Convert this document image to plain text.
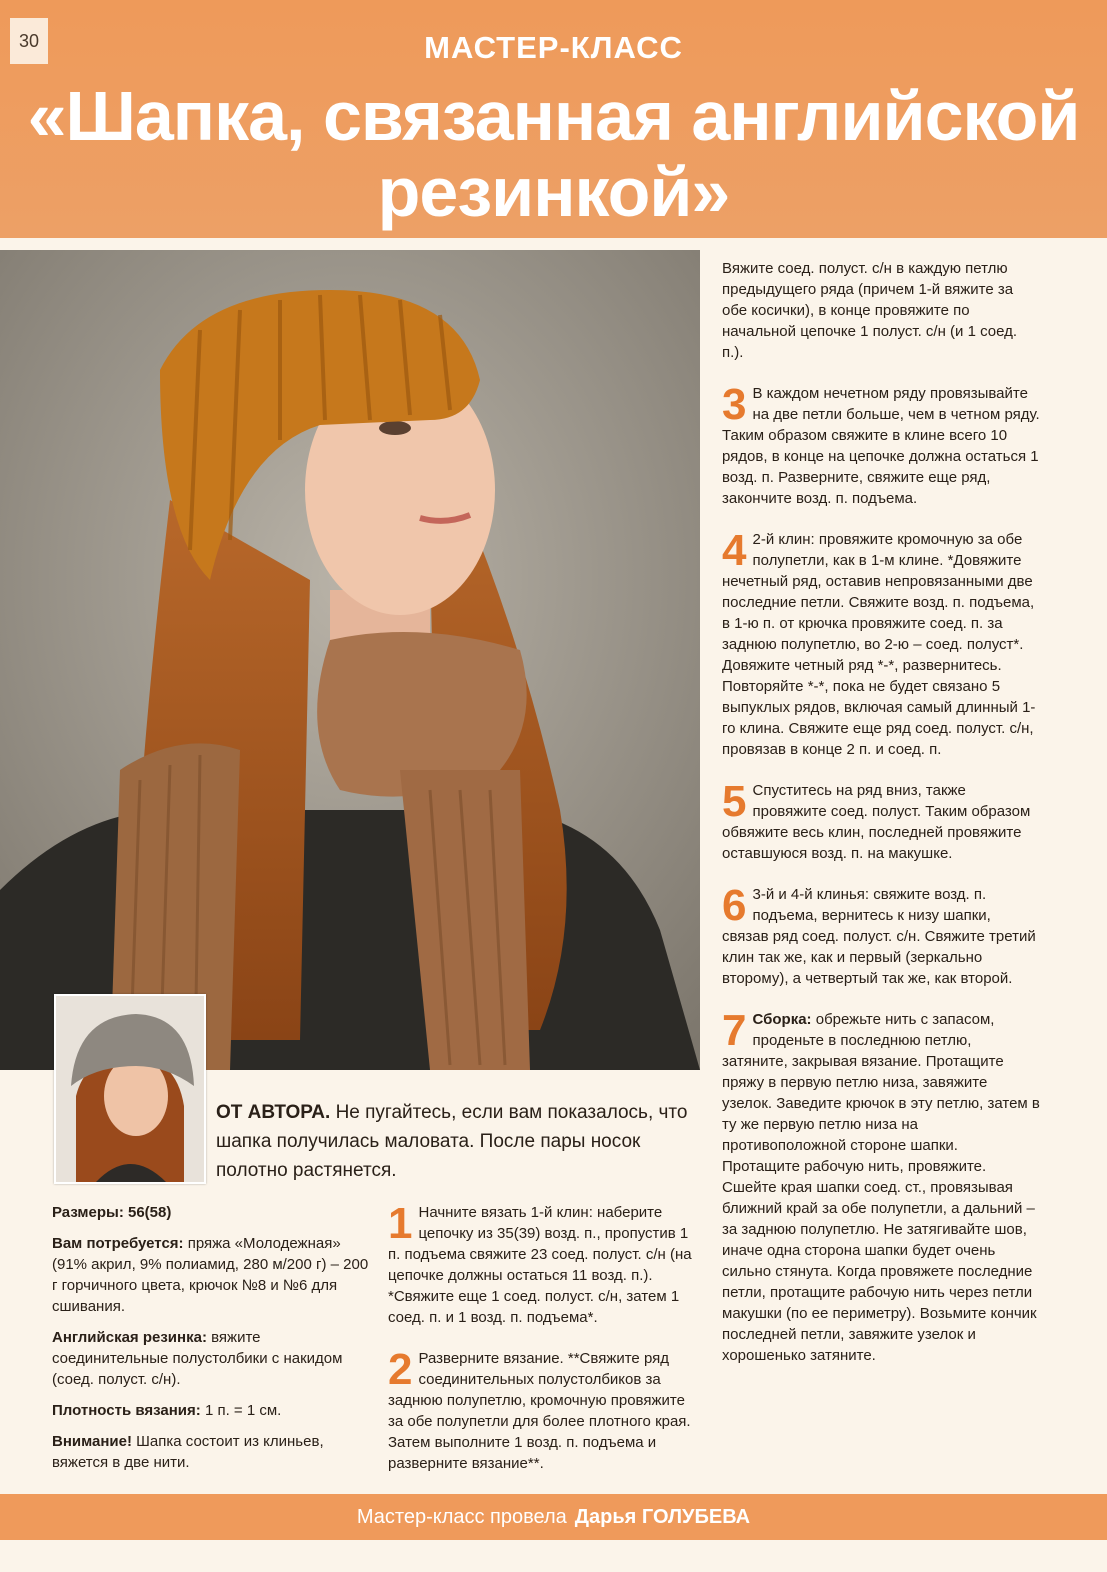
30	МАСТЕР-КЛАСС
«Шапка, связанная английской
резинкой»
ОТ АВТОРА. Не пугайтесь, если вам показалось, что шапка получилась маловата. После пары носок полотно растянется.

Размеры: 56(58)

Вам потребуется: пряжа «Молодежная» (91% акрил, 9% полиамид, 280 м/200 г) – 200 г горчичного цвета, крючок №8 и №6 для сшивания.

Английская резинка: вяжите соединительные полустолбики с накидом (соед. полуст. с/н).

Плотность вязания: 1 п. = 1 см.

Внимание! Шапка состоит из клиньев, вяжется в две нити.

1 Начните вязать 1-й клин: наберите цепочку из 35(39) возд. п., пропустив 1 п. подъема свяжите 23 соед. полуст. с/н (на цепочке должны остаться 11 возд. п.). *Свяжите еще 1 соед. полуст. с/н, затем 1 соед. п. и 1 возд. п. подъема*.
2 Разверните вязание. **Свяжите ряд соединительных полустолбиков за заднюю полупетлю, кромочную провяжите за обе полупетли для более плотного края. Затем выполните 1 возд. п. подъема и разверните вязание**.
Вяжите соед. полуст. с/н в каждую петлю предыдущего ряда (причем 1-й вяжите за обе косички), в конце провяжите по начальной цепочке 1 полуст. с/н (и 1 соед. п.).
3 В каждом нечетном ряду провязывайте на две петли больше, чем в четном ряду. Таким образом свяжите в клине всего 10 рядов, в конце на цепочке должна остаться 1 возд. п. Разверните, свяжите еще ряд, закончите возд. п. подъема.
4 2-й клин: провяжите кромочную за обе полупетли, как в 1-м клине. *Довяжите нечетный ряд, оставив непровязанными две последние петли. Свяжите возд. п. подъема, в 1-ю п. от крючка провяжите соед. п. за заднюю полупетлю, во 2-ю – соед. полуст*. Довяжите четный ряд *-*, развернитесь. Повторяйте *-*, пока не будет связано 5 выпуклых рядов, включая самый длинный 1-го клина. Свяжите еще ряд соед. полуст. с/н, провязав в конце 2 п. и соед. п.
5 Спуститесь на ряд вниз, также провяжите соед. полуст. Таким образом обвяжите весь клин, последней провяжите оставшуюся возд. п. на макушке.
6 3-й и 4-й клинья: свяжите возд. п. подъема, вернитесь к низу шапки, связав ряд соед. полуст. с/н. Свяжите третий клин так же, как и первый (зеркально второму), а четвертый так же, как второй.
7 Сборка: обрежьте нить с запасом, проденьте в последнюю петлю, затяните, закрывая вязание. Протащите пряжу в первую петлю низа, завяжите узелок. Заведите крючок в эту петлю, затем в ту же первую петлю низа на противоположной стороне шапки. Протащите рабочую нить, провяжите. Сшейте края шапки соед. ст., провязывая ближний край за обе полупетли, а дальний – за заднюю полупетлю. Не затягивайте шов, иначе одна сторона шапки будет очень сильно стянута. Когда провяжете последние петли, протащите рабочую нить через петли макушки (по ее периметру). Возьмите кончик последней петли, завяжите узелок и хорошенько затяните.
Мастер-класс провела Дарья ГОЛУБЕВА
